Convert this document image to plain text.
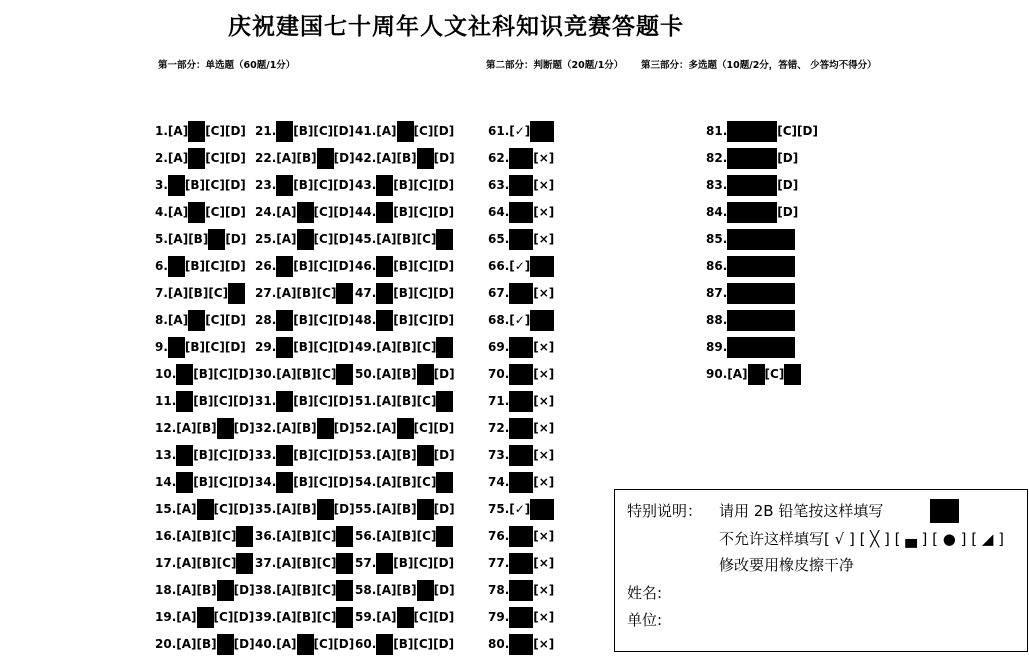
庆祝建国七十周年人文社科知识竞赛答题卡
第一部分：单选题（60题/1分）	第二部分：判断题（20题/1分） 第三部分：多选题（10题/2分，答错、 少答均不得分）
1. [A] [C] [D]
2. [A] [C] [D]
3. [B] [C] [D]
4. [A] [C] [D]
5. [A] [B] [D]
6. [B] [C] [D]
7. [A] [B] [C]
8. [A] [C] [D]
9. [B] [C] [D]
10. [B] [C] [D]
11. [B] [C] [D]
12. [A] [B] [D]
13. [B] [C] [D]
14. [B] [C] [D]
15. [A] [C] [D]
16. [A] [B] [C]
17. [A] [B] [C]
18. [A] [B] [D]
19. [A] [C] [D]
20. [A] [B] [D]
21. [B] [C] [D]
22. [A] [B] [D]
23. [B] [C] [D]
24. [A] [C] [D]
25. [A] [C] [D]
26. [B] [C] [D]
27. [A] [B] [C]
28. [B] [C] [D]
29. [B] [C] [D]
30. [A] [B] [C]
31. [B] [C] [D]
32. [A] [B] [D]
33. [B] [C] [D]
34. [B] [C] [D]
35. [A] [B] [D]
36. [A] [B] [C]
37. [A] [B] [C]
38. [A] [B] [C]
39. [A] [B] [C]
40. [A] [C] [D]
41. [A] [C] [D]
42. [A] [B] [D]
43. [B] [C] [D]
44. [B] [C] [D]
45. [A] [B] [C]
46. [B] [C] [D]
47. [B] [C] [D]
48. [B] [C] [D]
49. [A] [B] [C]
50. [A] [B] [D]
51. [A] [B] [C]
52. [A] [C] [D]
53. [A] [B] [D]
54. [A] [B] [C]
55. [A] [B] [D]
56. [A] [B] [C]
57. [B] [C] [D]
58. [A] [B] [D]
59. [A] [C] [D]
60. [B] [C] [D]
61. [✓]
62. [×]
63. [×]
64. [×]
65. [×]
66. [✓]
67. [×]
68. [✓]
69. [×]
70. [×]
71. [×]
72. [×]
73. [×]
74. [×]
75. [✓]
76. [×]
77. [×]
78. [×]
79. [×]
80. [×]
81.	[C] [D]
82.	[D]
83.	[D]
84.	[D]
85.
86.
87.
88.
89.
90. [A] [C]
特别说明： 请用 2B 铅笔按这样填写
不允许这样填写[ √ ] [ ╳ ] [ ▄ ] [ ● ] [ ◢ ]
修改要用橡皮擦干净
姓名:
单位:
